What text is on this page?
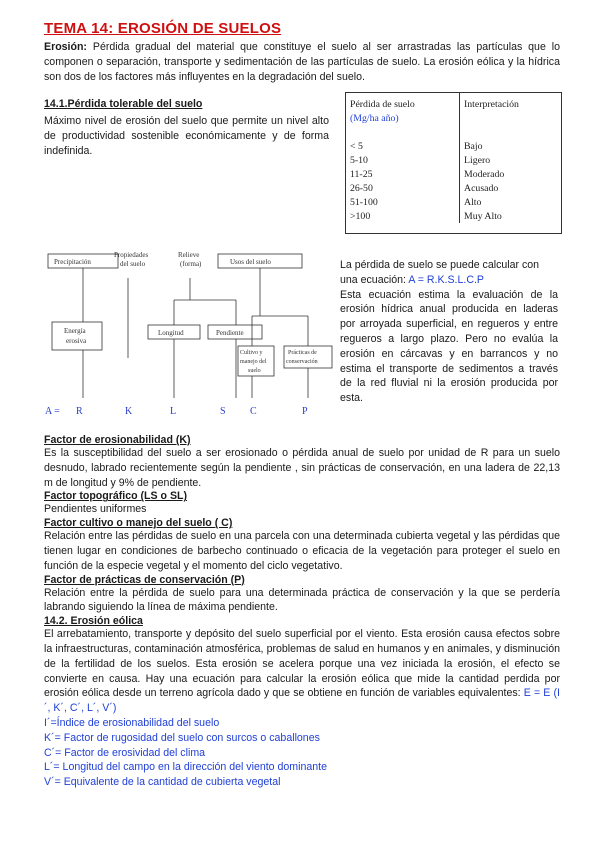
TEMA 14: EROSIÓN DE SUELOS

Erosión: Pérdida gradual del material que constituye el suelo al ser arrastradas las partículas que lo componen o separación, transporte y sedimentación de las partículas de suelo. La erosión eólica y la hídrica son dos de los factores más influyentes en la degradación del suelo.

14.1.Pérdida tolerable del suelo

Máximo nivel de erosión del suelo que permite un nivel alto de productividad sostenible económicamente y de forma indefinida.

Pérdida de suelo	Interpretación
(Mg/ha año)	

< 5	Bajo
5-10	Ligero
11-25	Moderado
26-50	Acusado
51-100	Alto
>100	Muy Alto
Precipitación
Propiedades
del suelo
Relieve
(forma)	Usos del suelo
Energía
erosiva
Longitud	Pendiente
Cultivo y
manejo del
suelo
Prácticas de
conservación
A = R	K	L	S C	P

La pérdida de suelo se puede calcular con

una ecuación: A = R.K.S.L.C.P

Esta ecuación estima la evaluación de la erosión hídrica anual producida en laderas por arroyada superficial, en regueros y entre regueros a largo plazo. Pero no evalúa la erosión en cárcavas y en barrancos y no estima el transporte de sedimentos a través de la red fluvial ni la erosión producida por esta.

Factor de erosionabilidad (K)

Es la susceptibilidad del suelo a ser erosionado o pérdida anual de suelo por unidad de R para un suelo desnudo, labrado recientemente según la pendiente , sin prácticas de conservación, en una ladera de 22,13 m de longitud y 9% de pendiente.

Factor topográfico (LS o SL)

Pendientes uniformes

Factor cultivo o manejo del suelo ( C)

Relación entre las pérdidas de suelo en una parcela con una determinada cubierta vegetal y las pérdidas que tienen lugar en condiciones de barbecho continuado o eficacia de la vegetación para proteger el suelo en función de la especie vegetal y el momento del ciclo vegetativo.

Factor de prácticas de conservación (P)

Relación entre la pérdida de suelo para una determinada práctica de conservación y la que se perdería labrando siguiendo la línea de máxima pendiente.

14.2. Erosión eólica

El arrebatamiento, transporte y depósito del suelo superficial por el viento. Esta erosión causa efectos sobre la infraestructuras, contaminación atmosférica, problemas de salud en humanos y en animales, y disminución de la fertilidad de los suelos. Esta erosión se acelera porque una vez iniciada la erosión, el efecto se convierte en causa. Hay una ecuación para calcular la erosión eólica que mide la cantidad perdida por erosión eólica desde un terreno agrícola dado y que se obtiene en función de variables equivalentes: E = E (I´, K´, C´, L´, V´)

I´=Índice de erosionabilidad del suelo
K´= Factor de rugosidad del suelo con surcos o caballones
C´= Factor de erosividad del clima
L´= Longitud del campo en la dirección del viento dominante
V´= Equivalente de la cantidad de cubierta vegetal
